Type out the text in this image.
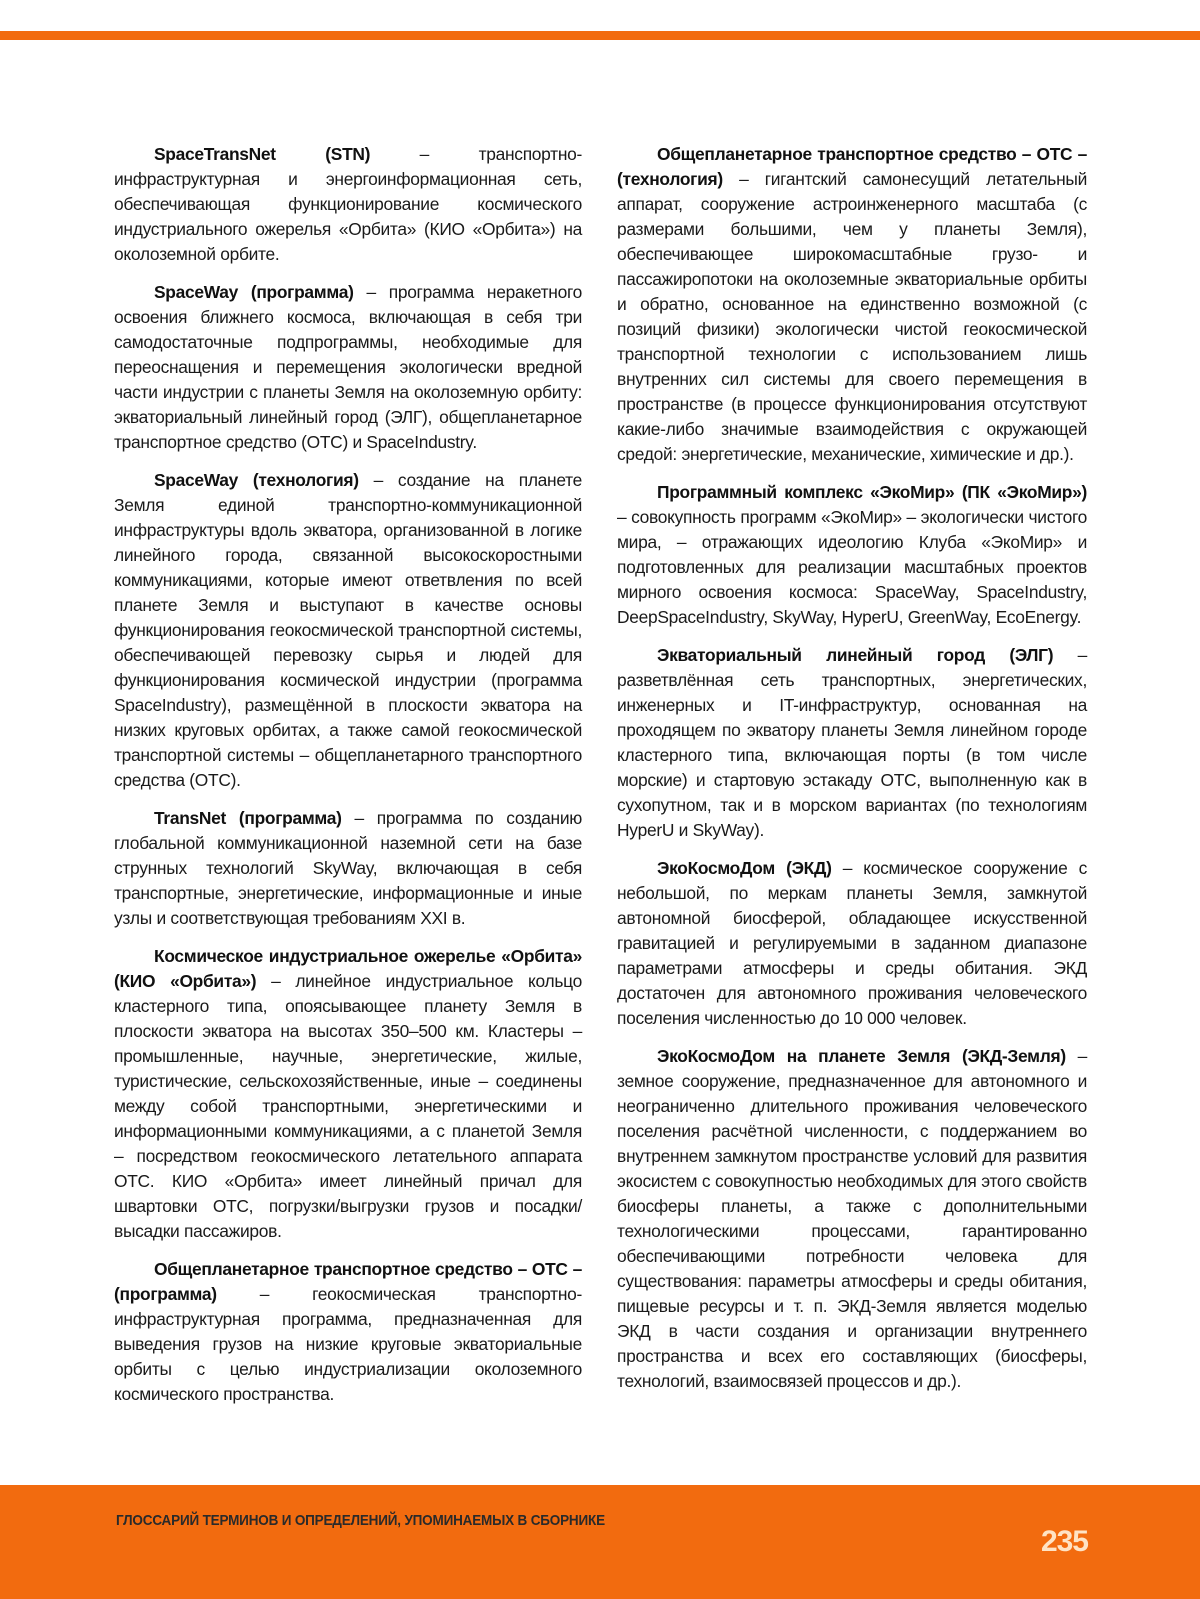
SpaceTransNet (STN) – транспортно-инфраструктурная и энергоинформационная сеть, обеспечивающая функционирование космического индустриального ожерелья «Орбита» (КИО «Орбита») на околоземной орбите.

SpaceWay (программа) – программа неракетного освоения ближнего космоса, включающая в себя три самодостаточные подпрограммы, необходимые для переоснащения и перемещения экологически вредной части индустрии с планеты Земля на околоземную орбиту: экваториальный линейный город (ЭЛГ), общепланетарное транспортное средство (ОТС) и SpaceIndustry.

SpaceWay (технология) – создание на планете Земля единой транспортно-коммуникационной инфраструктуры вдоль экватора, организованной в логике линейного города, связанной высокоскоростными коммуникациями, которые имеют ответвления по всей планете Земля и выступают в качестве основы функционирования геокосмической транспортной системы, обеспечивающей перевозку сырья и людей для функционирования космической индустрии (программа SpaceIndustry), размещённой в плоскости экватора на низких круговых орбитах, а также самой геокосмической транспортной системы – общепланетарного транспортного средства (ОТС).

TransNet (программа) – программа по созданию глобальной коммуникационной наземной сети на базе струнных технологий SkyWay, включающая в себя транспортные, энергетические, информационные и иные узлы и соответствующая требованиям XXI в.

Космическое индустриальное ожерелье «Орбита» (КИО «Орбита») – линейное индустриальное кольцо кластерного типа, опоясывающее планету Земля в плоскости экватора на высотах 350–500 км. Кластеры – промышленные, научные, энергетические, жилые, туристические, сельскохозяйственные, иные – соединены между собой транспортными, энергетическими и информационными коммуникациями, а с планетой Земля – посредством геокосмического летательного аппарата ОТС. КИО «Орбита» имеет линейный причал для швартовки ОТС, погрузки/выгрузки грузов и посадки/высадки пассажиров.

Общепланетарное транспортное средство – ОТС – (программа) – геокосмическая транспортно-инфраструктурная программа, предназначенная для выведения грузов на низкие круговые экваториальные орбиты с целью индустриализации околоземного космического пространства.

Общепланетарное транспортное средство – ОТС – (технология) – гигантский самонесущий летательный аппарат, сооружение астроинженерного масштаба (с размерами большими, чем у планеты Земля), обеспечивающее широкомасштабные грузо- и пассажиропотоки на околоземные экваториальные орбиты и обратно, основанное на единственно возможной (с позиций физики) экологически чистой геокосмической транспортной технологии с использованием лишь внутренних сил системы для своего перемещения в пространстве (в процессе функционирования отсутствуют какие-либо значимые взаимодействия с окружающей средой: энергетические, механические, химические и др.).

Программный комплекс «ЭкоМир» (ПК «ЭкоМир») – совокупность программ «ЭкоМир» – экологически чистого мира, – отражающих идеологию Клуба «ЭкоМир» и подготовленных для реализации масштабных проектов мирного освоения космоса: SpaceWay, SpaceIndustry, DeepSpaceIndustry, SkyWay, HyperU, GreenWay, EcoEnergy.

Экваториальный линейный город (ЭЛГ) – разветвлённая сеть транспортных, энергетических, инженерных и IT-инфраструктур, основанная на проходящем по экватору планеты Земля линейном городе кластерного типа, включающая порты (в том числе морские) и стартовую эстакаду ОТС, выполненную как в сухопутном, так и в морском вариантах (по технологиям HyperU и SkyWay).

ЭкоКосмоДом (ЭКД) – космическое сооружение с небольшой, по меркам планеты Земля, замкнутой автономной биосферой, обладающее искусственной гравитацией и регулируемыми в заданном диапазоне параметрами атмосферы и среды обитания. ЭКД достаточен для автономного проживания человеческого поселения численностью до 10 000 человек.

ЭкоКосмоДом на планете Земля (ЭКД-Земля) – земное сооружение, предназначенное для автономного и неограниченно длительного проживания человеческого поселения расчётной численности, с поддержанием во внутреннем замкнутом пространстве условий для развития экосистем с совокупностью необходимых для этого свойств биосферы планеты, а также с дополнительными технологическими процессами, гарантированно обеспечивающими потребности человека для существования: параметры атмосферы и среды обитания, пищевые ресурсы и т. п. ЭКД-Земля является моделью ЭКД в части создания и организации внутреннего пространства и всех его составляющих (биосферы, технологий, взаимосвязей процессов и др.).

ГЛОССАРИЙ ТЕРМИНОВ И ОПРЕДЕЛЕНИЙ, УПОМИНАЕМЫХ В СБОРНИКЕ
235
